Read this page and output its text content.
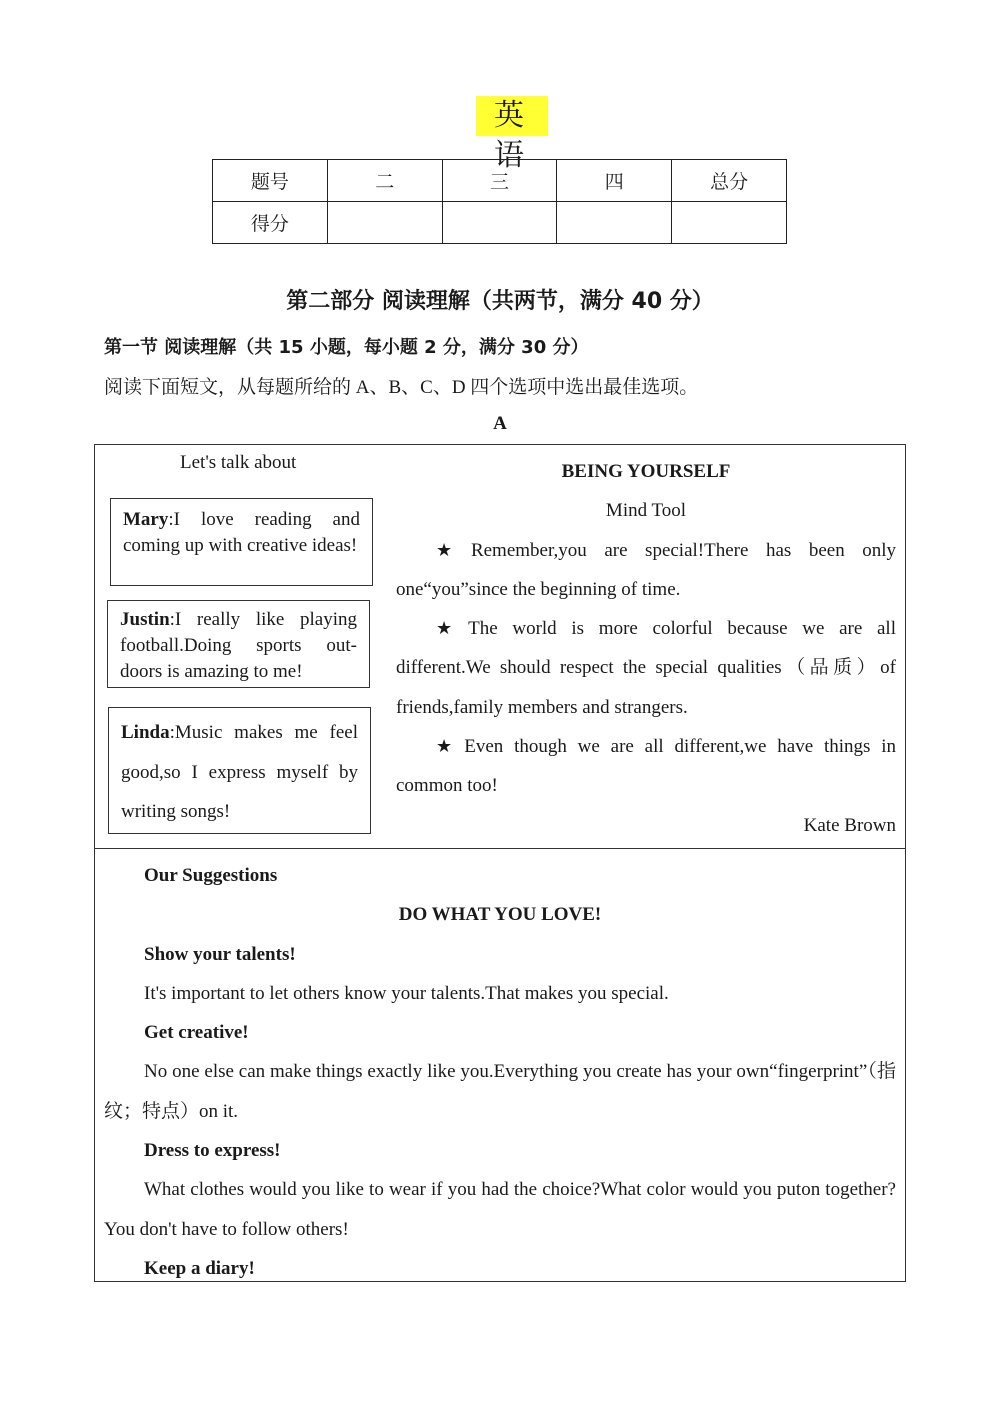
英 语
题号	二	三	四	总分
得分				
第二部分 阅读理解（共两节，满分 40 分）
第一节 阅读理解（共 15 小题，每小题 2 分，满分 30 分）
阅读下面短文，从每题所给的 A、B、C、D 四个选项中选出最佳选项。
A
Let's talk about
Mary:I love reading and coming up with creative ideas!
Justin:I really like playing football.Doing sports out-doors is amazing to me!
Linda:Music makes me feel good,so I express myself by writing songs!
BEING YOURSELF
Mind Tool
★ Remember,you are special!There has been only one“you”since the beginning of time.
★ The world is more colorful because we are all different.We should respect the special qualities（品质）of friends,family members and strangers.
★ Even though we are all different,we have things in common too!
Kate Brown
Our Suggestions
DO WHAT YOU LOVE!
Show your talents!
It's important to let others know your talents.That makes you special.
Get creative!
No one else can make things exactly like you.Everything you create has your own“fingerprint”（指纹；特点）on it.
Dress to express!
What clothes would you like to wear if you had the choice?What color would you puton together?You don't have to follow others!
Keep a diary!
